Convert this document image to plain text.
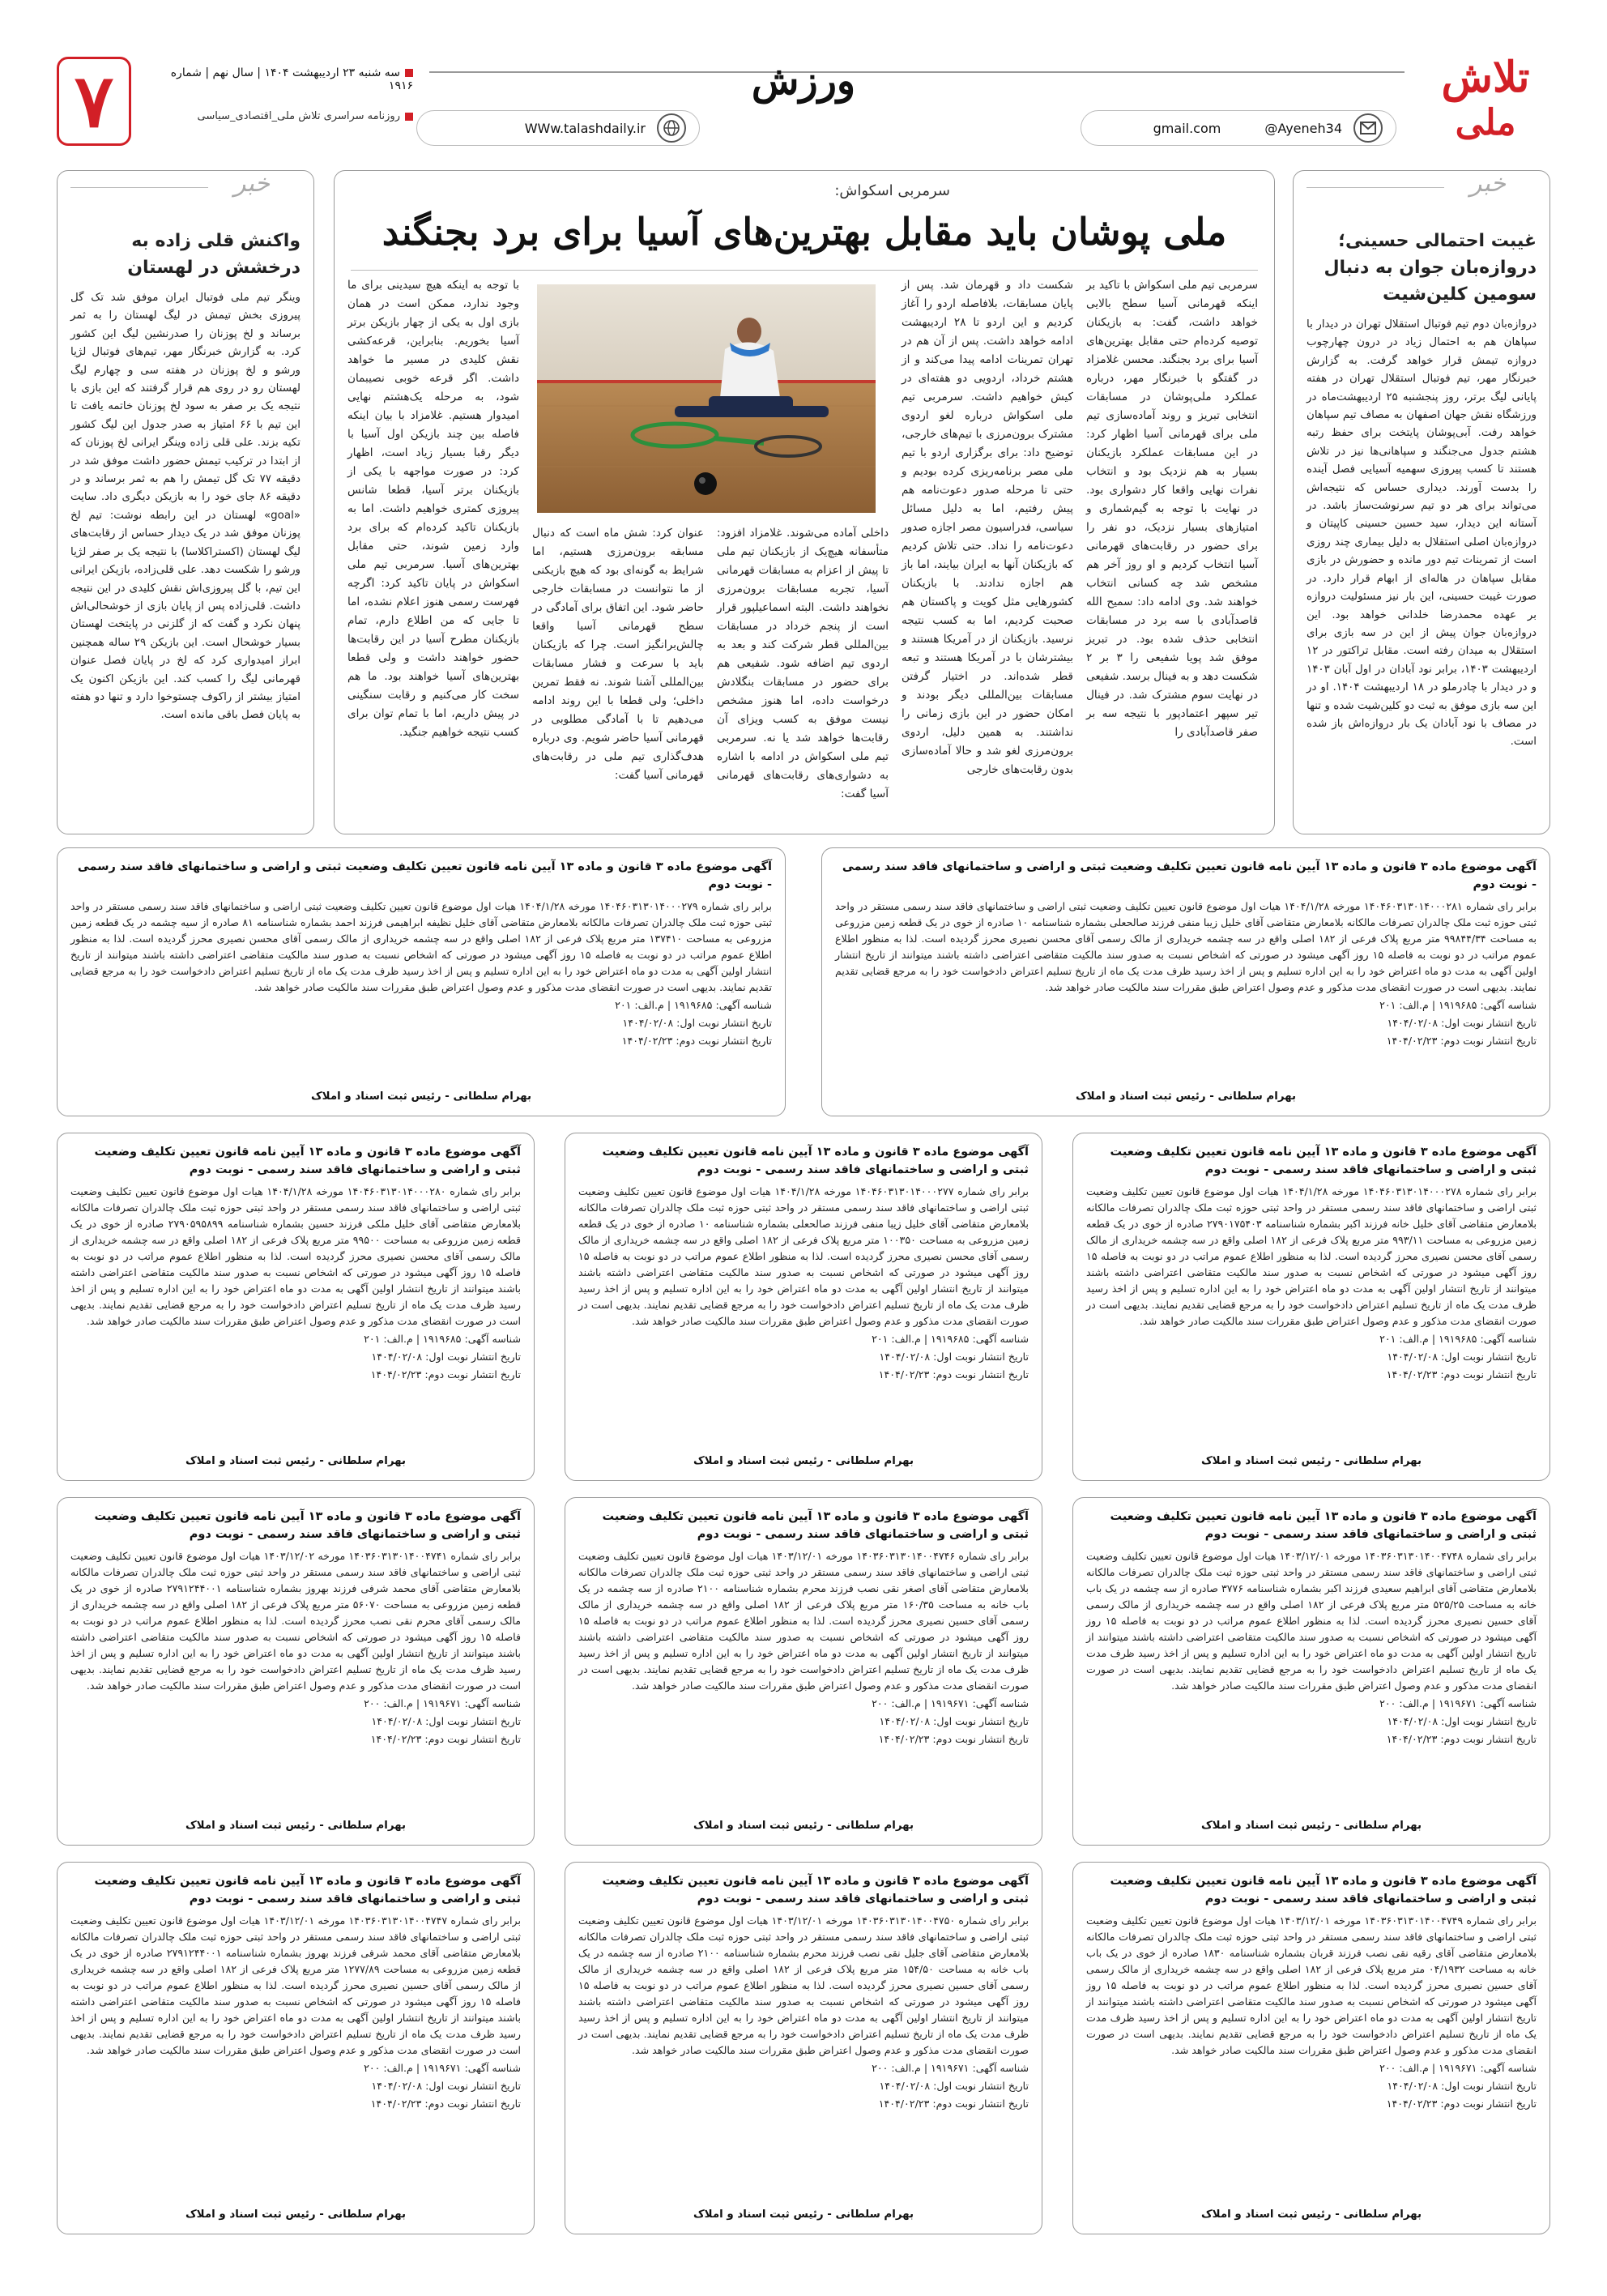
تلاش
ملی
ورزش
۷	سه شنبه ۲۳ اردیبهشت ۱۴۰۴ | سال نهم | شماره ۱۹۱۶
روزنامه سراسری تلاش ملی_اقتصادی_سیاسی
Ayeneh34@
gmail.com
WWw.talashdaily.ir
خبر
غیبت احتمالی حسینی؛ دروازه‌بان جوان به دنبال سومین کلین‌شیت

دروازه‌بان دوم تیم فوتبال استقلال تهران در دیدار با سپاهان هم به احتمال زیاد در درون چهارچوب دروازه تیمش قرار خواهد گرفت. به گزارش خبرنگار مهر، تیم فوتبال استقلال تهران در هفته پایانی لیگ برتر، روز پنجشنبه ۲۵ اردیبهشت‌ماه در ورزشگاه نقش جهان اصفهان به مصاف تیم سپاهان خواهد رفت. آبی‌پوشان پایتخت برای حفظ رتبه هشتم جدول می‌جنگند و سپاهانی‌ها نیز در تلاش هستند تا کسب پیروزی سهمیه آسیایی فصل آینده را بدست آورند. دیداری حساس که نتیجه‌اش می‌تواند برای هر دو تیم سرنوشت‌ساز باشد. در آستانه این دیدار، سید حسین حسینی کاپیتان و دروازه‌بان اصلی استقلال به دلیل بیماری چند روزی است از تمرینات تیم دور مانده و حضورش در بازی مقابل سپاهان در هاله‌ای از ابهام قرار دارد. در صورت غیبت حسینی، این بار نیز مسئولیت دروازه بر عهده محمدرضا خلدانی خواهد بود. این دروازه‌بان جوان پیش از این در سه بازی برای استقلال به میدان رفته است. مقابل تراکتور در ۱۲ اردیبهشت ۱۴۰۳، برابر نود آبادان در اول آبان ۱۴۰۳ و در دیدار با چادرملو در ۱۸ اردیبهشت ۱۴۰۴. او در این سه بازی موفق به ثبت دو کلین‌شیت شده و تنها در مصاف با نود آبادان یک بار دروازه‌اش باز شده است.

سرمربی اسکواش:
ملی پوشان باید مقابل بهترین‌های آسیا برای برد بجنگند
سرمربی تیم ملی اسکواش با تاکید بر اینکه قهرمانی آسیا سطح بالایی خواهد داشت، گفت: به بازیکنان توصیه کرده‌ام حتی مقابل بهترین‌های آسیا برای برد بجنگند. محسن غلامزاد در گفتگو با خبرنگار مهر، درباره عملکرد ملی‌پوشان در مسابقات انتخابی تبریز و روند آماده‌سازی تیم ملی برای قهرمانی آسیا اظهار کرد: در این مسابقات عملکرد بازیکنان بسیار به هم نزدیک بود و انتخاب نفرات نهایی واقعا کار دشواری بود. در نهایت با توجه به گیم‌شماری و امتیازهای بسیار نزدیک، دو نفر را برای حضور در رقابت‌های قهرمانی آسیا انتخاب کردیم و او روز آخر هم مشخص شد چه کسانی انتخاب خواهند شد. وی ادامه داد: سمیح الله قاصدآبادی با سه برد در مسابقات انتخابی حذف شده بود. در تبریز موفق شد پویا شفیعی را ۳ بر ۲ شکست دهد و به فینال برسد. شفیعی در نهایت سوم مشترک شد. در فینال تیر سپهر اعتمادپور با نتیجه سه بر صفر قاصدآبادی را
شکست داد و قهرمان شد. پس از پایان مسابقات، بلافاصله اردو را آغاز کردیم و این اردو تا ۲۸ اردیبهشت ادامه خواهد داشت. پس از آن هم در تهران تمرینات ادامه پیدا می‌کند و از هشتم خرداد، اردویی دو هفته‌ای در کیش خواهیم داشت. سرمربی تیم ملی اسکواش درباره لغو اردوی مشترک برون‌مرزی با تیم‌های خارجی، توضیح داد: برای برگزاری اردو با تیم ملی مصر برنامه‌ریزی کرده بودیم و حتی تا مرحله صدور دعوت‌نامه هم پیش رفتیم، اما به دلیل مسائل سیاسی، فدراسیون مصر اجازه صدور دعوت‌نامه را نداد. حتی تلاش کردیم که بازیکنان آنها به ایران بیایند، اما باز هم اجازه ندادند. با بازیکنان کشورهایی مثل کویت و پاکستان هم صحبت کردیم، اما به کسب نتیجه نرسید. بازیکنان از در آمریکا هستند و بیشترشان با در آمریکا هستند و تبعه قطر شده‌اند. در اختیار گرفتن مسابقات بین‌المللی دیگر بودند و امکان حضور در این بازی زمانی را نداشتند. به همین دلیل، اردوی برون‌مرزی لغو شد و حالا آماده‌سازی بدون رقابت‌های خارجی
داخلی آماده می‌شوند. غلامزاد افزود: متأسفانه هیچ‌یک از بازیکنان تیم ملی تا پیش از اعزام به مسابقات قهرمانی آسیا، تجربه مسابقات برون‌مرزی نخواهند داشت. البته اسماعیلپور قرار است از پنجم خرداد در مسابقات بین‌المللی قطر شرکت کند و بعد به اردوی تیم اضافه شود. شفیعی هم برای حضور در مسابقات بنگلادش درخواست داده، اما هنوز مشخص نیست موفق به کسب ویزای آن رقابت‌ها خواهد شد یا نه. سرمربی تیم ملی اسکواش در ادامه با اشاره به دشواری‌های رقابت‌های قهرمانی آسیا گفت:
عنوان کرد: شش ماه است که دنبال مسابقه برون‌مرزی هستیم، اما شرایط به گونه‌ای بود که هیچ بازیکنی از ما نتوانست در مسابقات خارجی حاضر شود. این اتفاق برای آمادگی در سطح قهرمانی آسیا واقعا چالش‌برانگیز است. چرا که بازیکنان باید با سرعت و فشار مسابقات بین‌المللی آشنا شوند. نه فقط تمرین داخلی؛ ولی قطعا با این روند ادامه می‌دهیم تا با آمادگی مطلوبی در قهرمانی آسیا حاضر شویم. وی درباره هدف‌گذاری تیم ملی در رقابت‌های قهرمانی آسیا گفت:
با توجه به اینکه هیچ سیدینی برای ما وجود ندارد، ممکن است در همان بازی اول به یکی از چهار بازیکن برتر آسیا بخوریم. بنابراین، قرعه‌کشی نقش کلیدی در مسیر ما خواهد داشت. اگر قرعه خوبی نصیبمان شود، به مرحله یک‌هشتم نهایی امیدوار هستیم. غلامزاد با بیان اینکه فاصله بین چند بازیکن اول آسیا با دیگر رقبا بسیار زیاد است، اظهار کرد: در صورت مواجهه با یکی از بازیکنان برتر آسیا، قطعا شانس پیروزی کمتری خواهیم داشت. اما به بازیکنان تاکید کرده‌ام که برای برد وارد زمین شوند، حتی مقابل بهترین‌های آسیا. سرمربی تیم ملی اسکواش در پایان تاکید کرد: اگرچه فهرست رسمی هنوز اعلام نشده، اما تا جایی که من اطلاع دارم، تمام بازیکنان مطرح آسیا در این رقابت‌ها حضور خواهند داشت و ولی قطعا بهترین‌های آسیا خواهند بود. ما هم سخت کار می‌کنیم و رقابت سنگینی در پیش داریم، اما با تمام توان برای کسب نتیجه خواهیم جنگید.
خبر
واکنش قلی زاده به درخشش در لهستان

وینگر تیم ملی فوتبال ایران موفق شد تک گل پیروزی بخش تیمش در لیگ لهستان را به ثمر برساند و لخ پوزنان را صدرنشین لیگ این کشور کرد. به گزارش خبرنگار مهر، تیم‌های فوتبال لژیا ورشو و لخ پوزنان در هفته سی و چهارم لیگ لهستان رو در روی هم قرار گرفتند که این بازی با نتیجه یک بر صفر به سود لخ پوزنان خاتمه یافت تا این تیم با ۶۶ امتیاز به صدر جدول این لیگ کشور تکیه بزند. علی قلی زاده وینگر ایرانی لخ پوزنان که از ابتدا در ترکیب تیمش حضور داشت موفق شد در دقیقه ۷۷ تک گل تیمش را هم به ثمر برساند و در دقیقه ۸۶ جای خود را به بازیکن دیگری داد. سایت «goal» لهستان در این رابطه نوشت: تیم لخ پوزنان موفق شد در یک دیدار حساس از رقابت‌های لیگ لهستان (اکستراکلاسا) با نتیجه یک بر صفر لژیا ورشو را شکست دهد. علی قلی‌زاده، بازیکن ایرانی این تیم، با گل پیروزی‌اش نقش کلیدی در این نتیجه داشت. قلی‌زاده پس از پایان بازی از خوشحالی‌اش پنهان نکرد و گفت که از گلزنی در پایتخت لهستان بسیار خوشحال است. این بازیکن ۲۹ ساله همچنین ابراز امیدواری کرد که لخ در پایان فصل عنوان قهرمانی لیگ را کسب کند. این بازیکن اکنون یک امتیاز بیشتر از راکوف چستوخوا دارد و تنها دو هفته به پایان فصل باقی مانده است.

آگهی موضوع ماده ۳ قانون و ماده ۱۳ آیین نامه قانون تعیین تکلیف وضعیت ثبتی و اراضی و ساختمانهای فاقد سند رسمی - نوبت دوم
برابر رای شماره ۱۴۰۴۶۰۳۱۳۰۱۴۰۰۰۲۸۱ مورخه ۱۴۰۴/۱/۲۸ هیات اول موضوع قانون تعیین تکلیف وضعیت ثبتی اراضی و ساختمانهای فاقد سند رسمی مستقر در واحد ثبتی حوزه ثبت ملک چالدران تصرفات مالکانه بلامعارض متقاضی آقای خلیل زیبا منفی فرزند صالحعلی بشماره شناسنامه ۱۰ صادره از خوی در یک قطعه زمین مزروعی به مساحت ۹۹۸۴۴/۳۴ متر مربع پلاک فرعی از ۱۸۲ اصلی واقع در سه چشمه خریداری از مالک رسمی آقای محسن نصیری محرز گردیده است. لذا به منظور اطلاع عموم مراتب در دو نوبت به فاصله ۱۵ روز آگهی میشود در صورتی که اشخاص نسبت به صدور سند مالکیت متقاضی اعتراضی داشته باشند میتوانند از تاریخ انتشار اولین آگهی به مدت دو ماه اعتراض خود را به این اداره تسلیم و پس از اخذ رسید ظرف مدت یک ماه از تاریخ تسلیم اعتراض دادخواست خود را به مرجع قضایی تقدیم نمایند. بدیهی است در صورت انقضای مدت مذکور و عدم وصول اعتراض طبق مقررات سند مالکیت صادر خواهد شد.
شناسه آگهی: ۱۹۱۹۶۸۵ | م.الف: ۲۰۱
تاریخ انتشار نوبت اول: ۱۴۰۴/۰۲/۰۸
تاریخ انتشار نوبت دوم: ۱۴۰۴/۰۲/۲۳
بهرام سلطانی - رئیس ثبت اسناد و املاک
آگهی موضوع ماده ۳ قانون و ماده ۱۳ آیین نامه قانون تعیین تکلیف وضعیت ثبتی و اراضی و ساختمانهای فاقد سند رسمی - نوبت دوم
برابر رای شماره ۱۴۰۴۶۰۳۱۳۰۱۴۰۰۰۲۷۹ مورخه ۱۴۰۴/۱/۲۸ هیات اول موضوع قانون تعیین تکلیف وضعیت ثبتی اراضی و ساختمانهای فاقد سند رسمی مستقر در واحد ثبتی حوزه ثبت ملک چالدران تصرفات مالکانه بلامعارض متقاضی آقای خلیل نظیفه ابراهیمی فرزند احمد بشماره شناسنامه ۸۱ صادره از سیه چشمه در یک قطعه زمین مزروعی به مساحت ۱۳۷۴۱۰ متر مربع پلاک فرعی از ۱۸۲ اصلی واقع در سه چشمه خریداری از مالک رسمی آقای محسن نصیری محرز گردیده است. لذا به منظور اطلاع عموم مراتب در دو نوبت به فاصله ۱۵ روز آگهی میشود در صورتی که اشخاص نسبت به صدور سند مالکیت متقاضی اعتراضی داشته باشند میتوانند از تاریخ انتشار اولین آگهی به مدت دو ماه اعتراض خود را به این اداره تسلیم و پس از اخذ رسید ظرف مدت یک ماه از تاریخ تسلیم اعتراض دادخواست خود را به مرجع قضایی تقدیم نمایند. بدیهی است در صورت انقضای مدت مذکور و عدم وصول اعتراض طبق مقررات سند مالکیت صادر خواهد شد.
شناسه آگهی: ۱۹۱۹۶۸۵ | م.الف: ۲۰۱
تاریخ انتشار نوبت اول: ۱۴۰۴/۰۲/۰۸
تاریخ انتشار نوبت دوم: ۱۴۰۴/۰۲/۲۳
بهرام سلطانی - رئیس ثبت اسناد و املاک
آگهی موضوع ماده ۳ قانون و ماده ۱۳ آیین نامه قانون تعیین تکلیف وضعیت ثبتی و اراضی و ساختمانهای فاقد سند رسمی - نوبت دوم
برابر رای شماره ۱۴۰۴۶۰۳۱۳۰۱۴۰۰۰۲۷۸ مورخه ۱۴۰۴/۱/۲۸ هیات اول موضوع قانون تعیین تکلیف وضعیت ثبتی اراضی و ساختمانهای فاقد سند رسمی مستقر در واحد ثبتی حوزه ثبت ملک چالدران تصرفات مالکانه بلامعارض متقاضی آقای خلیل خانه فرزند اکبر بشماره شناسنامه ۲۷۹۰۱۷۵۴۰۳ صادره از خوی در یک قطعه زمین مزروعی به مساحت ۹۹۳/۱۱ متر مربع پلاک فرعی از ۱۸۲ اصلی واقع در سه چشمه خریداری از مالک رسمی آقای محسن نصیری محرز گردیده است. لذا به منظور اطلاع عموم مراتب در دو نوبت به فاصله ۱۵ روز آگهی میشود در صورتی که اشخاص نسبت به صدور سند مالکیت متقاضی اعتراضی داشته باشند میتوانند از تاریخ انتشار اولین آگهی به مدت دو ماه اعتراض خود را به این اداره تسلیم و پس از اخذ رسید ظرف مدت یک ماه از تاریخ تسلیم اعتراض دادخواست خود را به مرجع قضایی تقدیم نمایند. بدیهی است در صورت انقضای مدت مذکور و عدم وصول اعتراض طبق مقررات سند مالکیت صادر خواهد شد.
شناسه آگهی: ۱۹۱۹۶۸۵ | م.الف: ۲۰۱
تاریخ انتشار نوبت اول: ۱۴۰۴/۰۲/۰۸
تاریخ انتشار نوبت دوم: ۱۴۰۴/۰۲/۲۳
بهرام سلطانی - رئیس ثبت اسناد و املاک
آگهی موضوع ماده ۳ قانون و ماده ۱۳ آیین نامه قانون تعیین تکلیف وضعیت ثبتی و اراضی و ساختمانهای فاقد سند رسمی - نوبت دوم
برابر رای شماره ۱۴۰۴۶۰۳۱۳۰۱۴۰۰۰۲۷۷ مورخه ۱۴۰۴/۱/۲۸ هیات اول موضوع قانون تعیین تکلیف وضعیت ثبتی اراضی و ساختمانهای فاقد سند رسمی مستقر در واحد ثبتی حوزه ثبت ملک چالدران تصرفات مالکانه بلامعارض متقاضی آقای خلیل زیبا منفی فرزند صالحعلی بشماره شناسنامه ۱۰ صادره از خوی در یک قطعه زمین مزروعی به مساحت ۱۰۰۳۵۰ متر مربع پلاک فرعی از ۱۸۲ اصلی واقع در سه چشمه خریداری از مالک رسمی آقای محسن نصیری محرز گردیده است. لذا به منظور اطلاع عموم مراتب در دو نوبت به فاصله ۱۵ روز آگهی میشود در صورتی که اشخاص نسبت به صدور سند مالکیت متقاضی اعتراضی داشته باشند میتوانند از تاریخ انتشار اولین آگهی به مدت دو ماه اعتراض خود را به این اداره تسلیم و پس از اخذ رسید ظرف مدت یک ماه از تاریخ تسلیم اعتراض دادخواست خود را به مرجع قضایی تقدیم نمایند. بدیهی است در صورت انقضای مدت مذکور و عدم وصول اعتراض طبق مقررات سند مالکیت صادر خواهد شد.
شناسه آگهی: ۱۹۱۹۶۸۵ | م.الف: ۲۰۱
تاریخ انتشار نوبت اول: ۱۴۰۴/۰۲/۰۸
تاریخ انتشار نوبت دوم: ۱۴۰۴/۰۲/۲۳
بهرام سلطانی - رئیس ثبت اسناد و املاک
آگهی موضوع ماده ۳ قانون و ماده ۱۳ آیین نامه قانون تعیین تکلیف وضعیت ثبتی و اراضی و ساختمانهای فاقد سند رسمی - نوبت دوم
برابر رای شماره ۱۴۰۴۶۰۳۱۳۰۱۴۰۰۰۲۸۰ مورخه ۱۴۰۴/۱/۲۸ هیات اول موضوع قانون تعیین تکلیف وضعیت ثبتی اراضی و ساختمانهای فاقد سند رسمی مستقر در واحد ثبتی حوزه ثبت ملک چالدران تصرفات مالکانه بلامعارض متقاضی آقای خلیل ملکی فرزند حسین بشماره شناسنامه ۲۷۹۰۵۹۵۸۹۹ صادره از خوی در یک قطعه زمین مزروعی به مساحت ۹۹۵۰۰ متر مربع پلاک فرعی از ۱۸۲ اصلی واقع در سه چشمه خریداری از مالک رسمی آقای محسن نصیری محرز گردیده است. لذا به منظور اطلاع عموم مراتب در دو نوبت به فاصله ۱۵ روز آگهی میشود در صورتی که اشخاص نسبت به صدور سند مالکیت متقاضی اعتراضی داشته باشند میتوانند از تاریخ انتشار اولین آگهی به مدت دو ماه اعتراض خود را به این اداره تسلیم و پس از اخذ رسید ظرف مدت یک ماه از تاریخ تسلیم اعتراض دادخواست خود را به مرجع قضایی تقدیم نمایند. بدیهی است در صورت انقضای مدت مذکور و عدم وصول اعتراض طبق مقررات سند مالکیت صادر خواهد شد.
شناسه آگهی: ۱۹۱۹۶۸۵ | م.الف: ۲۰۱
تاریخ انتشار نوبت اول: ۱۴۰۴/۰۲/۰۸
تاریخ انتشار نوبت دوم: ۱۴۰۴/۰۲/۲۳
بهرام سلطانی - رئیس ثبت اسناد و املاک
آگهی موضوع ماده ۳ قانون و ماده ۱۳ آیین نامه قانون تعیین تکلیف وضعیت ثبتی و اراضی و ساختمانهای فاقد سند رسمی - نوبت دوم
برابر رای شماره ۱۴۰۳۶۰۳۱۳۰۱۴۰۰۴۷۴۸ مورخه ۱۴۰۳/۱۲/۰۱ هیات اول موضوع قانون تعیین تکلیف وضعیت ثبتی اراضی و ساختمانهای فاقد سند رسمی مستقر در واحد ثبتی حوزه ثبت ملک چالدران تصرفات مالکانه بلامعارض متقاضی آقای ابراهیم سعیدی فرزند اکبر بشماره شناسنامه ۳۷۷۶ صادره از سه چشمه در یک باب خانه به مساحت ۵۲۵/۲۵ متر مربع پلاک فرعی از ۱۸۲ اصلی واقع در سه چشمه خریداری از مالک رسمی آقای حسین نصیری محرز گردیده است. لذا به منظور اطلاع عموم مراتب در دو نوبت به فاصله ۱۵ روز آگهی میشود در صورتی که اشخاص نسبت به صدور سند مالکیت متقاضی اعتراضی داشته باشند میتوانند از تاریخ انتشار اولین آگهی به مدت دو ماه اعتراض خود را به این اداره تسلیم و پس از اخذ رسید ظرف مدت یک ماه از تاریخ تسلیم اعتراض دادخواست خود را به مرجع قضایی تقدیم نمایند. بدیهی است در صورت انقضای مدت مذکور و عدم وصول اعتراض طبق مقررات سند مالکیت صادر خواهد شد.
شناسه آگهی: ۱۹۱۹۶۷۱ | م.الف: ۲۰۰
تاریخ انتشار نوبت اول: ۱۴۰۴/۰۲/۰۸
تاریخ انتشار نوبت دوم: ۱۴۰۴/۰۲/۲۳
بهرام سلطانی - رئیس ثبت اسناد و املاک
آگهی موضوع ماده ۳ قانون و ماده ۱۳ آیین نامه قانون تعیین تکلیف وضعیت ثبتی و اراضی و ساختمانهای فاقد سند رسمی - نوبت دوم
برابر رای شماره ۱۴۰۳۶۰۳۱۳۰۱۴۰۰۴۷۴۶ مورخه ۱۴۰۳/۱۲/۰۱ هیات اول موضوع قانون تعیین تکلیف وضعیت ثبتی اراضی و ساختمانهای فاقد سند رسمی مستقر در واحد ثبتی حوزه ثبت ملک چالدران تصرفات مالکانه بلامعارض متقاضی آقای اصغر نقی نصب فرزند محرم بشماره شناسنامه ۲۱۰۰ صادره از سه چشمه در یک باب خانه به مساحت ۱۶۰/۳۵ متر مربع پلاک فرعی از ۱۸۲ اصلی واقع در سه چشمه خریداری از مالک رسمی آقای حسین نصیری محرز گردیده است. لذا به منظور اطلاع عموم مراتب در دو نوبت به فاصله ۱۵ روز آگهی میشود در صورتی که اشخاص نسبت به صدور سند مالکیت متقاضی اعتراضی داشته باشند میتوانند از تاریخ انتشار اولین آگهی به مدت دو ماه اعتراض خود را به این اداره تسلیم و پس از اخذ رسید ظرف مدت یک ماه از تاریخ تسلیم اعتراض دادخواست خود را به مرجع قضایی تقدیم نمایند. بدیهی است در صورت انقضای مدت مذکور و عدم وصول اعتراض طبق مقررات سند مالکیت صادر خواهد شد.
شناسه آگهی: ۱۹۱۹۶۷۱ | م.الف: ۲۰۰
تاریخ انتشار نوبت اول: ۱۴۰۴/۰۲/۰۸
تاریخ انتشار نوبت دوم: ۱۴۰۴/۰۲/۲۳
بهرام سلطانی - رئیس ثبت اسناد و املاک
آگهی موضوع ماده ۳ قانون و ماده ۱۳ آیین نامه قانون تعیین تکلیف وضعیت ثبتی و اراضی و ساختمانهای فاقد سند رسمی - نوبت دوم
برابر رای شماره ۱۴۰۳۶۰۳۱۳۰۱۴۰۰۴۷۴۱ مورخه ۱۴۰۳/۱۲/۰۲ هیات اول موضوع قانون تعیین تکلیف وضعیت ثبتی اراضی و ساختمانهای فاقد سند رسمی مستقر در واحد ثبتی حوزه ثبت ملک چالدران تصرفات مالکانه بلامعارض متقاضی آقای محمد شرفی فرزند بهروز بشماره شناسنامه ۲۷۹۱۲۴۴۰۰۱ صادره از خوی در یک قطعه زمین مزروعی به مساحت ۵۶۰۷۰ متر مربع پلاک فرعی از ۱۸۲ اصلی واقع در سه چشمه خریداری از مالک رسمی آقای محرم نقی نصب محرز گردیده است. لذا به منظور اطلاع عموم مراتب در دو نوبت به فاصله ۱۵ روز آگهی میشود در صورتی که اشخاص نسبت به صدور سند مالکیت متقاضی اعتراضی داشته باشند میتوانند از تاریخ انتشار اولین آگهی به مدت دو ماه اعتراض خود را به این اداره تسلیم و پس از اخذ رسید ظرف مدت یک ماه از تاریخ تسلیم اعتراض دادخواست خود را به مرجع قضایی تقدیم نمایند. بدیهی است در صورت انقضای مدت مذکور و عدم وصول اعتراض طبق مقررات سند مالکیت صادر خواهد شد.
شناسه آگهی: ۱۹۱۹۶۷۱ | م.الف: ۲۰۰
تاریخ انتشار نوبت اول: ۱۴۰۴/۰۲/۰۸
تاریخ انتشار نوبت دوم: ۱۴۰۴/۰۲/۲۳
بهرام سلطانی - رئیس ثبت اسناد و املاک
آگهی موضوع ماده ۳ قانون و ماده ۱۳ آیین نامه قانون تعیین تکلیف وضعیت ثبتی و اراضی و ساختمانهای فاقد سند رسمی - نوبت دوم
برابر رای شماره ۱۴۰۳۶۰۳۱۳۰۱۴۰۰۴۷۴۹ مورخه ۱۴۰۳/۱۲/۰۱ هیات اول موضوع قانون تعیین تکلیف وضعیت ثبتی اراضی و ساختمانهای فاقد سند رسمی مستقر در واحد ثبتی حوزه ثبت ملک چالدران تصرفات مالکانه بلامعارض متقاضی آقای رقیه نقی نصب فرزند قربان بشماره شناسنامه ۱۸۳۰ صادره از خوی در یک باب خانه به مساحت ۰۴/۱۹۳۲ متر مربع پلاک فرعی از ۱۸۲ اصلی واقع در سه چشمه خریداری از مالک رسمی آقای حسین نصیری محرز گردیده است. لذا به منظور اطلاع عموم مراتب در دو نوبت به فاصله ۱۵ روز آگهی میشود در صورتی که اشخاص نسبت به صدور سند مالکیت متقاضی اعتراضی داشته باشند میتوانند از تاریخ انتشار اولین آگهی به مدت دو ماه اعتراض خود را به این اداره تسلیم و پس از اخذ رسید ظرف مدت یک ماه از تاریخ تسلیم اعتراض دادخواست خود را به مرجع قضایی تقدیم نمایند. بدیهی است در صورت انقضای مدت مذکور و عدم وصول اعتراض طبق مقررات سند مالکیت صادر خواهد شد.
شناسه آگهی: ۱۹۱۹۶۷۱ | م.الف: ۲۰۰
تاریخ انتشار نوبت اول: ۱۴۰۴/۰۲/۰۸
تاریخ انتشار نوبت دوم: ۱۴۰۴/۰۲/۲۳
بهرام سلطانی - رئیس ثبت اسناد و املاک
آگهی موضوع ماده ۳ قانون و ماده ۱۳ آیین نامه قانون تعیین تکلیف وضعیت ثبتی و اراضی و ساختمانهای فاقد سند رسمی - نوبت دوم
برابر رای شماره ۱۴۰۳۶۰۳۱۳۰۱۴۰۰۴۷۵۰ مورخه ۱۴۰۳/۱۲/۰۱ هیات اول موضوع قانون تعیین تکلیف وضعیت ثبتی اراضی و ساختمانهای فاقد سند رسمی مستقر در واحد ثبتی حوزه ثبت ملک چالدران تصرفات مالکانه بلامعارض متقاضی آقای جلیل نقی نصب فرزند محرم بشماره شناسنامه ۲۱۰۰ صادره از سه چشمه در یک باب خانه به مساحت ۱۵۴/۵۰ متر مربع پلاک فرعی از ۱۸۲ اصلی واقع در سه چشمه خریداری از مالک رسمی آقای حسین نصیری محرز گردیده است. لذا به منظور اطلاع عموم مراتب در دو نوبت به فاصله ۱۵ روز آگهی میشود در صورتی که اشخاص نسبت به صدور سند مالکیت متقاضی اعتراضی داشته باشند میتوانند از تاریخ انتشار اولین آگهی به مدت دو ماه اعتراض خود را به این اداره تسلیم و پس از اخذ رسید ظرف مدت یک ماه از تاریخ تسلیم اعتراض دادخواست خود را به مرجع قضایی تقدیم نمایند. بدیهی است در صورت انقضای مدت مذکور و عدم وصول اعتراض طبق مقررات سند مالکیت صادر خواهد شد.
شناسه آگهی: ۱۹۱۹۶۷۱ | م.الف: ۲۰۰
تاریخ انتشار نوبت اول: ۱۴۰۴/۰۲/۰۸
تاریخ انتشار نوبت دوم: ۱۴۰۴/۰۲/۲۳
بهرام سلطانی - رئیس ثبت اسناد و املاک
آگهی موضوع ماده ۳ قانون و ماده ۱۳ آیین نامه قانون تعیین تکلیف وضعیت ثبتی و اراضی و ساختمانهای فاقد سند رسمی - نوبت دوم
برابر رای شماره ۱۴۰۳۶۰۳۱۳۰۱۴۰۰۴۷۴۷ مورخه ۱۴۰۳/۱۲/۰۱ هیات اول موضوع قانون تعیین تکلیف وضعیت ثبتی اراضی و ساختمانهای فاقد سند رسمی مستقر در واحد ثبتی حوزه ثبت ملک چالدران تصرفات مالکانه بلامعارض متقاضی آقای محمد شرفی فرزند بهروز بشماره شناسنامه ۲۷۹۱۲۴۴۰۰۱ صادره از خوی در یک قطعه زمین مزروعی به مساحت ۱۲۷۷/۸۹ متر مربع پلاک فرعی از ۱۸۲ اصلی واقع در سه چشمه خریداری از مالک رسمی آقای حسین نصیری محرز گردیده است. لذا به منظور اطلاع عموم مراتب در دو نوبت به فاصله ۱۵ روز آگهی میشود در صورتی که اشخاص نسبت به صدور سند مالکیت متقاضی اعتراضی داشته باشند میتوانند از تاریخ انتشار اولین آگهی به مدت دو ماه اعتراض خود را به این اداره تسلیم و پس از اخذ رسید ظرف مدت یک ماه از تاریخ تسلیم اعتراض دادخواست خود را به مرجع قضایی تقدیم نمایند. بدیهی است در صورت انقضای مدت مذکور و عدم وصول اعتراض طبق مقررات سند مالکیت صادر خواهد شد.
شناسه آگهی: ۱۹۱۹۶۷۱ | م.الف: ۲۰۰
تاریخ انتشار نوبت اول: ۱۴۰۴/۰۲/۰۸
تاریخ انتشار نوبت دوم: ۱۴۰۴/۰۲/۲۳
بهرام سلطانی - رئیس ثبت اسناد و املاک
